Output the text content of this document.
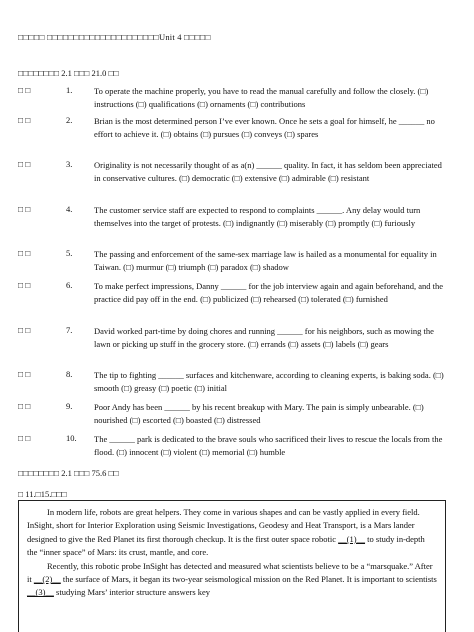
□□□□□ □□□□□□□□□□□□□□□□□□□□□Unit 4 □□□□□
□□□□□□□□ 2.1 □□□ 21.0 □□
□ □	1.	To operate the machine properly, you have to read the manual carefully and follow the closely. (□) instructions (□) qualifications (□) ornaments (□) contributions
□ □	2.	Brian is the most determined person I’ve ever known. Once he sets a goal for himself, he ______ no effort to achieve it. (□) obtains (□) pursues (□) conveys (□) spares
□ □	3.	Originality is not necessarily thought of as a(n) ______ quality. In fact, it has seldom been appreciated in conservative cultures. (□) democratic (□) extensive (□) admirable (□) resistant
□ □	4.	The customer service staff are expected to respond to complaints ______. Any delay would turn themselves into the target of protests. (□) indignantly (□) miserably (□) promptly (□) furiously
□ □	5.	The passing and enforcement of the same-sex marriage law is hailed as a monumental for equality in Taiwan. (□) murmur (□) triumph (□) paradox (□) shadow
□ □	6.	To make perfect impressions, Danny ______ for the job interview again and again beforehand, and the practice did pay off in the end. (□) publicized (□) rehearsed (□) tolerated (□) furnished
□ □	7.	David worked part-time by doing chores and running ______ for his neighbors, such as mowing the lawn or picking up stuff in the grocery store. (□) errands (□) assets (□) labels (□) gears
□ □	8.	The tip to fighting ______ surfaces and kitchenware, according to cleaning experts, is baking soda. (□) smooth (□) greasy (□) poetic (□) initial
□ □	9.	Poor Andy has been ______ by his recent breakup with Mary. The pain is simply unbearable. (□) nourished (□) escorted (□) boasted (□) distressed
□ □	10. The ______ park is dedicated to the brave souls who sacrificed their lives to rescue the locals from the flood. (□) innocent (□) violent (□) memorial (□) humble
□□□□□□□□ 2.1 □□□ 75.6 □□
□ 11.□15.□□□

In modern life, robots are great helpers. They come in various shapes and can be vastly applied in every field. InSight, short for Interior Exploration using Seismic Investigations, Geodesy and Heat Transport, is a Mars lander designed to give the Red Planet its first thorough checkup. It is the first outer space robotic __(1)__ to study in-depth the “inner space” of Mars: its crust, mantle, and core.

Recently, this robotic probe InSight has detected and measured what scientists believe to be a “marsquake.” After it __(2)__ the surface of Mars, it began its two-year seismological mission on the Red Planet. It is important to scientists __(3)__ studying Mars’ interior structure answers key
